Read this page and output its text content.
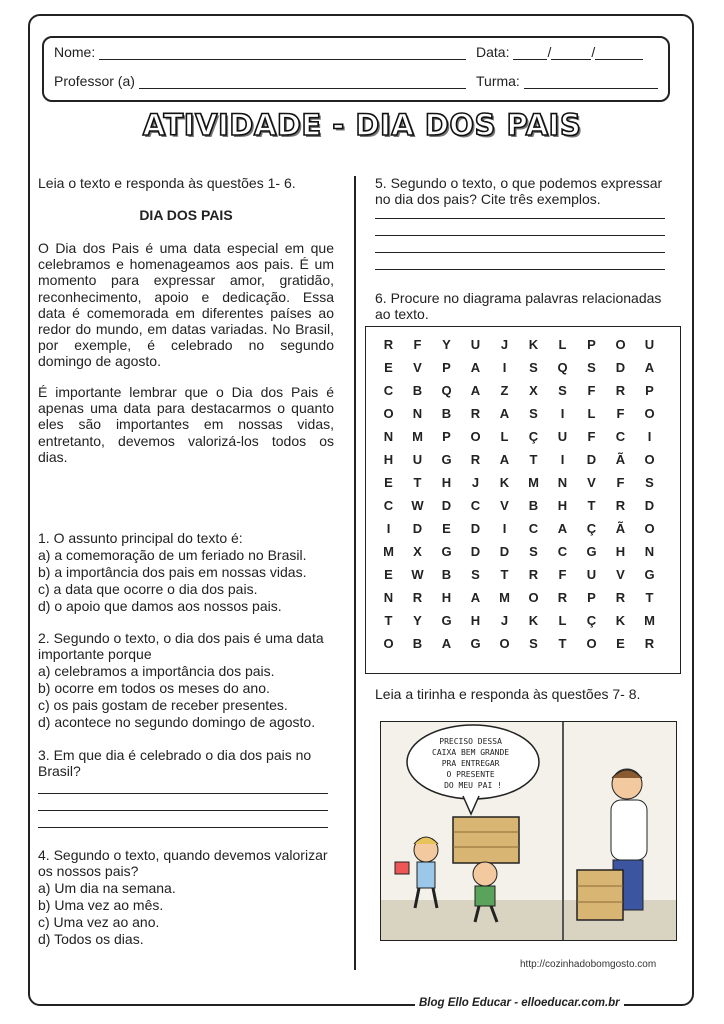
Blog Ello Educar - elloeducar.com.br
Nome:	Data:	/	/
Professor (a)	Turma:
ATIVIDADE - DIA DOS PAIS
Leia o texto e responda às questões 1- 6.
DIA DOS PAIS
O Dia dos Pais é uma data especial em que
celebramos e homenageamos aos pais. É um
momento para expressar amor, gratidão,
reconhecimento, apoio e dedicação. Essa
data é comemorada em diferentes países ao
redor do mundo, em datas variadas. No Brasil,
por exemple, é celebrado no segundo
domingo de agosto.
É importante lembrar que o Dia dos Pais é
apenas uma data para destacarmos o quanto
eles são importantes em nossas vidas,
entretanto, devemos valorizá-los todos os
dias.
1. O assunto principal do texto é:
a) a comemoração de um feriado no Brasil.
b) a importância dos pais em nossas vidas.
c) a data que ocorre o dia dos pais.
d) o apoio que damos aos nossos pais.
2. Segundo o texto, o dia dos pais é uma data
importante porque
a) celebramos a importância dos pais.
b) ocorre em todos os meses do ano.
c) os pais gostam de receber presentes.
d) acontece no segundo domingo de agosto.
3. Em que dia é celebrado o dia dos pais no
Brasil?
4. Segundo o texto, quando devemos valorizar
os nossos pais?
a) Um dia na semana.
b) Uma vez ao mês.
c) Uma vez ao ano.
d) Todos os dias.
5. Segundo o texto, o que podemos expressar
no dia dos pais? Cite três exemplos.
6. Procure no diagrama palavras relacionadas
ao texto.
R	F	Y	U	J	K	L	P	O	U
E	V	P	A	I	S	Q	S	D	A
C	B	Q	A	Z	X	S	F	R	P
O	N	B	R	A	S	I	L	F	O
N	M	P	O	L	Ç	U	F	C	I
H	U	G	R	A	T	I	D	Ã	O
E	T	H	J	K	M	N	V	F	S
C	W	D	C	V	B	H	T	R	D
I	D	E	D	I	C	A	Ç	Ã	O
M	X	G	D	D	S	C	G	H	N
E	W	B	S	T	R	F	U	V	G
N	R	H	A	M	O	R	P	R	T
T	Y	G	H	J	K	L	Ç	K	M
O	B	A	G	O	S	T	O	E	R
Leia a tirinha e responda às questões 7- 8.
PRECISO DESSA CAIXA BEM GRANDE PRA ENTREGAR O PRESENTE DO MEU PAI !
http://cozinhadobomgosto.com
